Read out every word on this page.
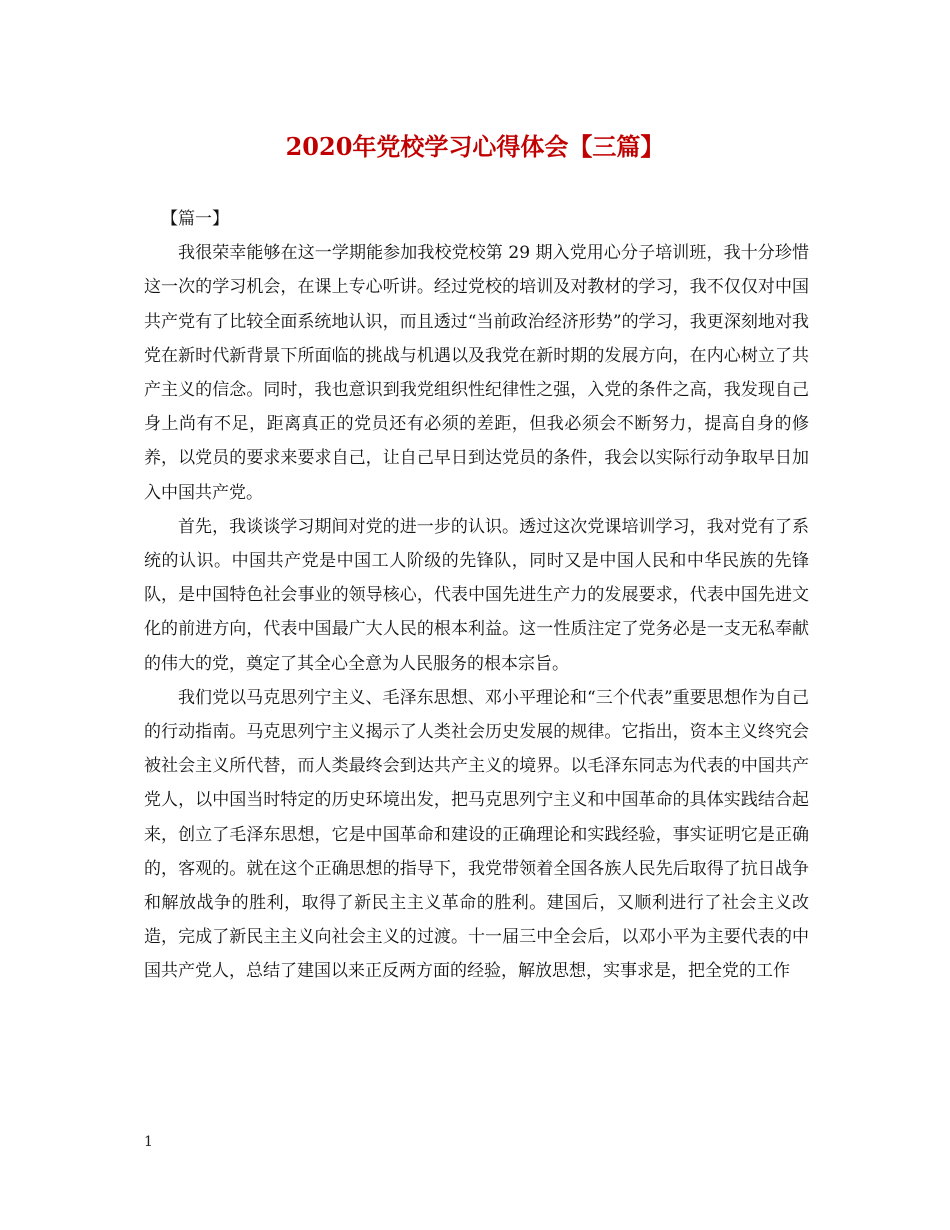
2020年党校学习心得体会【三篇】

【篇一】

我很荣幸能够在这一学期能参加我校党校第 29 期入党用心分子培训班，我十分珍惜这一次的学习机会，在课上专心听讲。经过党校的培训及对教材的学习，我不仅仅对中国共产党有了比较全面系统地认识，而且透过“当前政治经济形势”的学习，我更深刻地对我党在新时代新背景下所面临的挑战与机遇以及我党在新时期的发展方向，在内心树立了共产主义的信念。同时，我也意识到我党组织性纪律性之强，入党的条件之高，我发现自己身上尚有不足，距离真正的党员还有必须的差距，但我必须会不断努力，提高自身的修养，以党员的要求来要求自己，让自己早日到达党员的条件，我会以实际行动争取早日加入中国共产党。

首先，我谈谈学习期间对党的进一步的认识。透过这次党课培训学习，我对党有了系统的认识。中国共产党是中国工人阶级的先锋队，同时又是中国人民和中华民族的先锋队，是中国特色社会事业的领导核心，代表中国先进生产力的发展要求，代表中国先进文化的前进方向，代表中国最广大人民的根本利益。这一性质注定了党务必是一支无私奉献的伟大的党，奠定了其全心全意为人民服务的根本宗旨。

我们党以马克思列宁主义、毛泽东思想、邓小平理论和“三个代表”重要思想作为自己的行动指南。马克思列宁主义揭示了人类社会历史发展的规律。它指出，资本主义终究会被社会主义所代替，而人类最终会到达共产主义的境界。以毛泽东同志为代表的中国共产党人，以中国当时特定的历史环境出发，把马克思列宁主义和中国革命的具体实践结合起来，创立了毛泽东思想，它是中国革命和建设的正确理论和实践经验，事实证明它是正确的，客观的。就在这个正确思想的指导下，我党带领着全国各族人民先后取得了抗日战争和解放战争的胜利，取得了新民主主义革命的胜利。建国后，又顺利进行了社会主义改造，完成了新民主主义向社会主义的过渡。十一届三中全会后，以邓小平为主要代表的中国共产党人，总结了建国以来正反两方面的经验，解放思想，实事求是，把全党的工作

1
